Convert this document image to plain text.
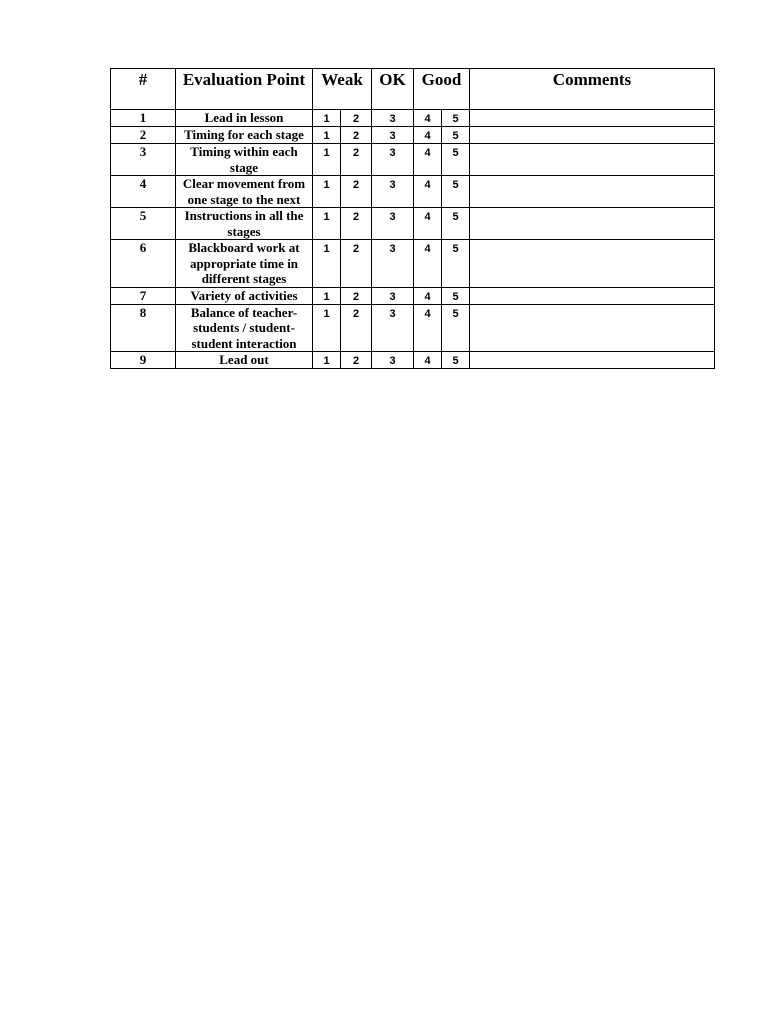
#	Evaluation Point	Weak		OK	Good		Comments
1	Lead in lesson	1	2	3	4	5	
2	Timing for each stage	1	2	3	4	5	
3	Timing within each stage	1	2	3	4	5	
4	Clear movement from one stage to the next	1	2	3	4	5	
5	Instructions in all the stages	1	2	3	4	5	
6	Blackboard work at appropriate time in different stages	1	2	3	4	5	
7	Variety of activities	1	2	3	4	5	
8	Balance of teacher-students / student-student interaction	1	2	3	4	5	
9	Lead out	1	2	3	4	5	
